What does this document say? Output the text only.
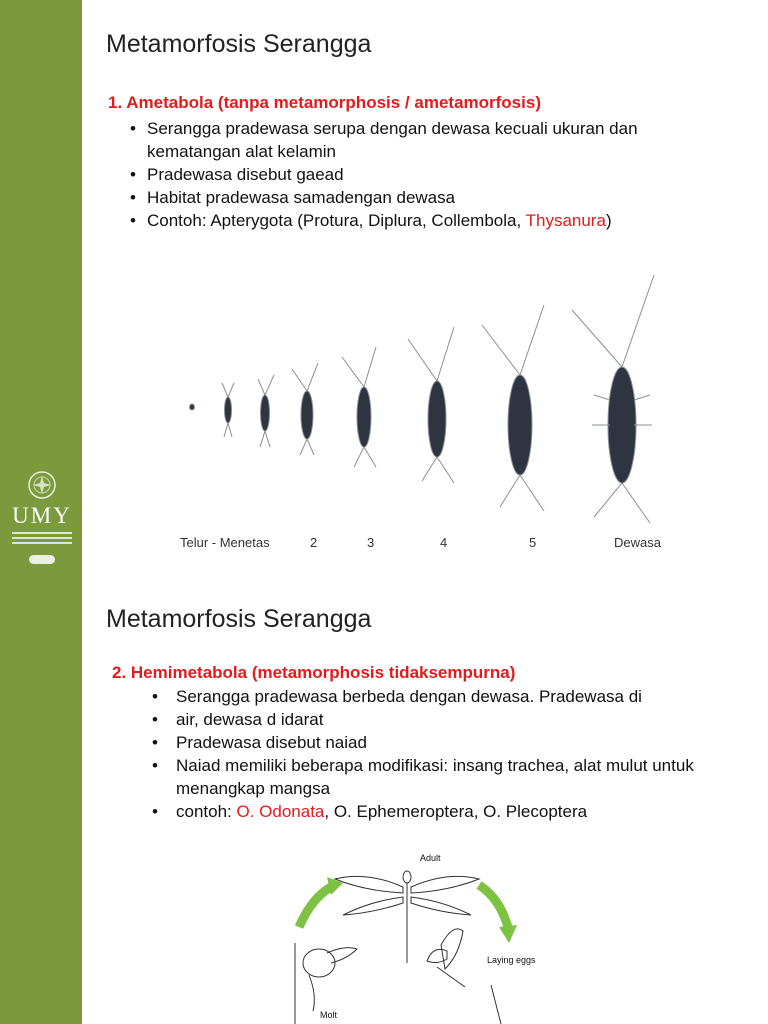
UMY

Metamorfosis Serangga
1. Ametabola (tanpa metamorphosis / ametamorfosis)
• Serangga pradewasa serupa dengan dewasa kecuali ukuran dan kematangan alat kelamin
• Pradewasa disebut gaead
• Habitat pradewasa samadengan dewasa
• Contoh: Apterygota (Protura, Diplura, Collembola, Thysanura)
Telur - Menetas	2	3	4	5	Dewasa
Metamorfosis Serangga
2. Hemimetabola (metamorphosis tidaksempurna)
• Serangga pradewasa berbeda dengan dewasa. Pradewasa di
• air, dewasa d idarat
• Pradewasa disebut naiad
• Naiad memiliki beberapa modifikasi: insang trachea, alat mulut untuk menangkap mangsa
• contoh: O. Odonata, O. Ephemeroptera, O. Plecoptera
Adult
Laying eggs
Molt
